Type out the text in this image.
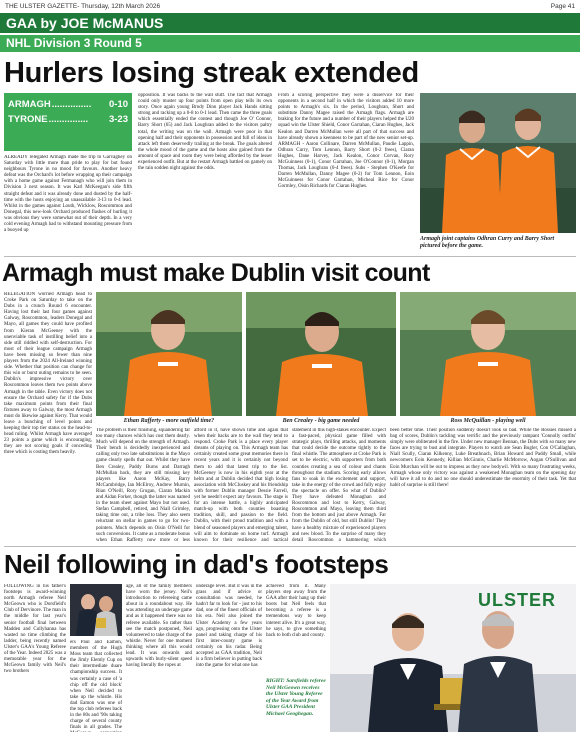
THE ULSTER GAZETTE- Thursday, 12th March 2026	Page 41
GAA by JOE McMANUS
NHL Division 3 Round 5
Hurlers losing streak extended
ARMAGH ...............	0-10
TYRONE ...............	3-23

ALREADY relegated Armagh made the trip to Garvaghey on Saturday with little more than pride to play for but found neighbours Tyrone in no mood for favours. Another heavy defeat was the Orchard's lot before wrapping up their campaign with a home game against Fermanagh who will join them in Division 3 next season. It was Karl McKeegan's side fifth straight defeat and it was already done and dusted by the half-time with the hosts enjoying an unassailable 3-13 to 0-4 lead. Whilst in the games against Louth, Wicklow, Roscommon and Donegal, this new-look Orchard produced flashes of hurling it was obvious they were somewhat out of their depth. In a very cold evening Armagh had to withstand mounting pressure from a buoyed up

opposition. It was backs to the wall stuff. The fact that Armagh could only muster up four points from open play tells its own story. Once again young Brody Dinn player Jack Hands sitting strong and racking up a 0-8 to 0-1 lead. Then came the three goals which essentially ended the contest and though Joe O' Connor, Barry Short (65) and Jack Loughran added to the visitors paltry total, the writing was on the wall. Armagh were poor in that opening half and their opponents in possession and full of ideas in attack left them deservedly trailing at the break. The goals altered the whole mood of the game and the hosts also gained from the amount of space and room they were being afforded by the lesser experienced outfit. But at the restart Armagh battled on gamely on the rain sodden night against the odds.

From a scoring perspective they were a disservice for their opponents in a second half in which the visitors added 10 more points to Armagh's six. In the period, Loughran, Short and substitute Danny Magee raised the Armagh flags. Armagh are braking for the future and a number of their players helped the U20 squad win the Ulster Shield, Conor Garrahan, Ciaran Hughes, Jack Kealon and Darren McMullan were all part of that success and have already shown a keenness to be part of the new senior set-up. ARMAGH - Aaron Collinare, Darren McMullan, Paudie Lappin, Odhran Curry, Tom Lennon, Barry Short (0-2 frees), Ciaran Hughes, Dane Harvey, Jack Kealon, Conor Corvan, Rory McGuinness (0-1), Conor Garrahan, Joe O'Connor (0-1), Morgan Thomas, Jack Loughran (0-4 frees). Subs - Stephen O'Keefe for Darren McMullan, Danny Magee (0-2) for Tom Lennon, Eoin McGuinness for Conor Garrahan, Micheal Rice for Conor Gormley, Oisin Richards for Ciaran Hughes.

Armagh joint captains Odhran Curry and Barry Short pictured before the game.
Armagh must make Dublin visit count

RELEGATION worried Armagh head to Croke Park on Saturday to take on the Dubs in a crunch Round 6 encounter. Having lost their last four games against Galway, Roscommon, leaders Donegal and Mayo, all games they could have profited from Kieran McGeeney with the unenviable task of instilling belief into a side still riddled with self-destruction. For most of their league campaign Armagh have been missing so fewer than nine players from the 2024 All-Ireland winning side. Whether that position can change for this win or burst outing remains to be seen. Dublin's impressive victory over Roscommon leaves them two points above Armagh in the table. Even victory does not ensure the Orchard safety for if the Dubs take maximum points from their final fixtures away to Galway, the most Armagh must do likewise against Kerry. That would leave a bunching of level points and keeping their top tier status on the head-to-head ruling. Whilst Armagh have averaged 23 points a game which is encouraging, they are not scoring goals if conceding three which is costing them heavily.

Ethan Rafferty - more outfield time?	Ben Crealey - big game needed	Ross McQuillan - playing well

The problem is their finishing, squandering far too many chances which has cost them dearly. Much will depend on the strength of Armagh. Their bench is decidedly inexperienced and calling only two late substitutions in the Mayo game clearly spells that out. Whilst they have Ben Crealey, Paddy Burns and Darragh McMullan back, they are still missing key players like Aaron McKay, Barry McCambridge, Ian McElroy, Andrew Murnin, Rian O'Neill, Rory Grugan, Ciaran Mackin and Aidan Forker, though the latter was named in the team sheet against Mayo but not used. Stefan Campbell, retired, and Niall Grimley, taking time out, a tribe loss. They also seem reluctant on stellar in games to go for two-pointers. Much depends on Oisin O'Neill for such conversions. It came as a moderate bonus when Ethan Rafferty now more or less

afford in it, have shown time and again that when their backs are to the wall they tend to respond. Croke Park is a place every player dreams of playing on. This Armagh team has certainly created some great memories there in recent years and it is certainly not beyond them to add that latest trip to the list. McGeeney is now in his eighth year at the helm and at Dublin decided that high losing association with McCluskey and his friendship with former Dublin manager Dessie Farrell, yet he needn't expect any favours. The stage is for an intense battle, a highly anticipated match-up with both counties boasting tradition, skill, and passion to the field. Dublin, with their proud tradition and with a blend of seasoned players and emerging talent, will aim to dominate on home turf. Armagh known for their resilience and tactical

statement in this high-stakes encounter. Expect a fast-paced, physical game filled with strategic plays, thrilling attacks, and moments that could decide the outcome tightly to the final whistle. The atmosphere at Croke Park is set to be electric, with supporters from both counties creating a sea of colour and chants throughout the stadium. Scoring early allows fans to soak in the excitement and support, take in the energy of the crowd and fully enjoy the spectacle on offer. So what of Dublin? They have defeated Monaghan and Roscommon and lost to Kerry, Galway, Roscommon and Mayo, leaving them third from the bottom and just above Armagh. Far from the Dublin of old, but still Dublin! They have a healthy mixture of experienced players and new blood. To the surprise of many they detail Roscommon a hammering which

been better time. Their position suddenly doesn't look so bad. While the Rossies missed a bag of scores, Dublin's tackling was terrific and the previously rampant 'Connolly outfits' simply were obliterated in the fire. Under new manager Bennan, the Dubs with so many new faces are trying to bust and integrate. Players to watch are Sean Bugler, Con O'Callaghan, Niall Scully, Ciaran Kilkenny, Luke Breathnach, Brian Howard and Paddy Small, while newcomers Eoin Kennedy, Killian McGinnis, Charlie McMorrow, Aogan O'Sullivan and Eoin Murchan will be out to impress as they now bodywil. With so many frustrating weeks, Armagh whose only victory was against a weakened Monaghan team on the opening day will have it all to do and no one should underestimate the enormity of their task. Yet that habit of surprise is still there!

Neil following in dad's footsteps

FOLLOWING in his father's footsteps is award-winning north Armagh referee Neil McGeown who is Dorsfield's Club of Dervinore. The man in the middle for last year's senior football final between Madden and Cullyhanna has wasted no time climbing the ladder, being recently named Ulster's GAA's Young Referee of the Year. Indeed 2025 was a memorable year for the McGeown family with Neil's two brothers

ers Paul and Eamon, members of the Hugh Moss team that collected the Jimly Elemly Cup on their intermediate duare championship success. It was certainly a case of 'a chip off the old block' when Neil decided to take up the whistle. His dad Eamon was one of the top club referees back in the 80s and '90s taking charge of several county finals in all grades. The

age, all of the family members have worn the jersey. Neil's introduction to refereeing came about in a roundabout way. He was attending an underage game and as it happened there was no referee available. So rather than see the match postponed, Neil volunteered to take charge of the whistle. Never for one moment thinking where all this would lead. It was onwards and upwards with burly-silent speed having literally the ropes at

underage level. But it was in the grass and if advice or consultation was needed, he hadn't far to look for - just to his dad, one of the finest officials of his era. Neil also joined the Ulster Academy a few years ago, progressing onto the Ulster panel and taking charge of his first inter-county game is certainly on his radar. Being accepted as GAA tradition, Neil is a firm believer in putting back into the game for what one has

achieved from it. Many players step away from the GAA after their hang up their boots but Neil feels that becoming a referee is a tremendous way to keep interest alive. It's a great way, he says, to give something back to both club and county.

RIGHT: Sarsfields referee Neil McGeown receives the Ulster Young Referee of the Year Award from Ulster GAA President Michael Geoghegan.
ULSTER
